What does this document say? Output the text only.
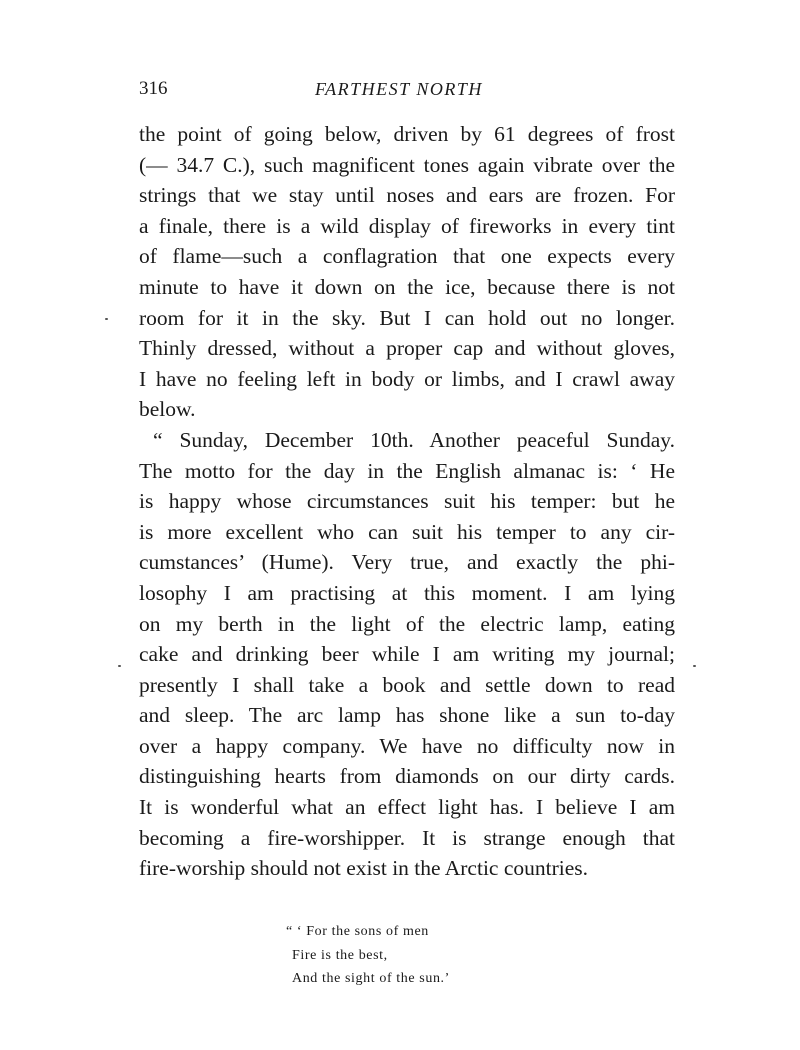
316	FARTHEST NORTH
the point of going below, driven by 61 degrees of frost
(— 34.7 C.), such magnificent tones again vibrate over the
strings that we stay until noses and ears are frozen. For
a finale, there is a wild display of fireworks in every tint
of flame—such a conflagration that one expects every
minute to have it down on the ice, because there is not
room for it in the sky. But I can hold out no longer.
Thinly dressed, without a proper cap and without gloves,
I have no feeling left in body or limbs, and I crawl away
below.
“ Sunday, December 10th. Another peaceful Sunday.
The motto for the day in the English almanac is: ‘ He
is happy whose circumstances suit his temper: but he
is more excellent who can suit his temper to any cir-
cumstances’ (Hume). Very true, and exactly the phi-
losophy I am practising at this moment. I am lying
on my berth in the light of the electric lamp, eating
cake and drinking beer while I am writing my journal;
presently I shall take a book and settle down to read
and sleep. The arc lamp has shone like a sun to-day
over a happy company. We have no difficulty now in
distinguishing hearts from diamonds on our dirty cards.
It is wonderful what an effect light has. I believe I am
becoming a fire-worshipper. It is strange enough that
fire-worship should not exist in the Arctic countries.
“ ‘ For the sons of men
Fire is the best,
And the sight of the sun.’
